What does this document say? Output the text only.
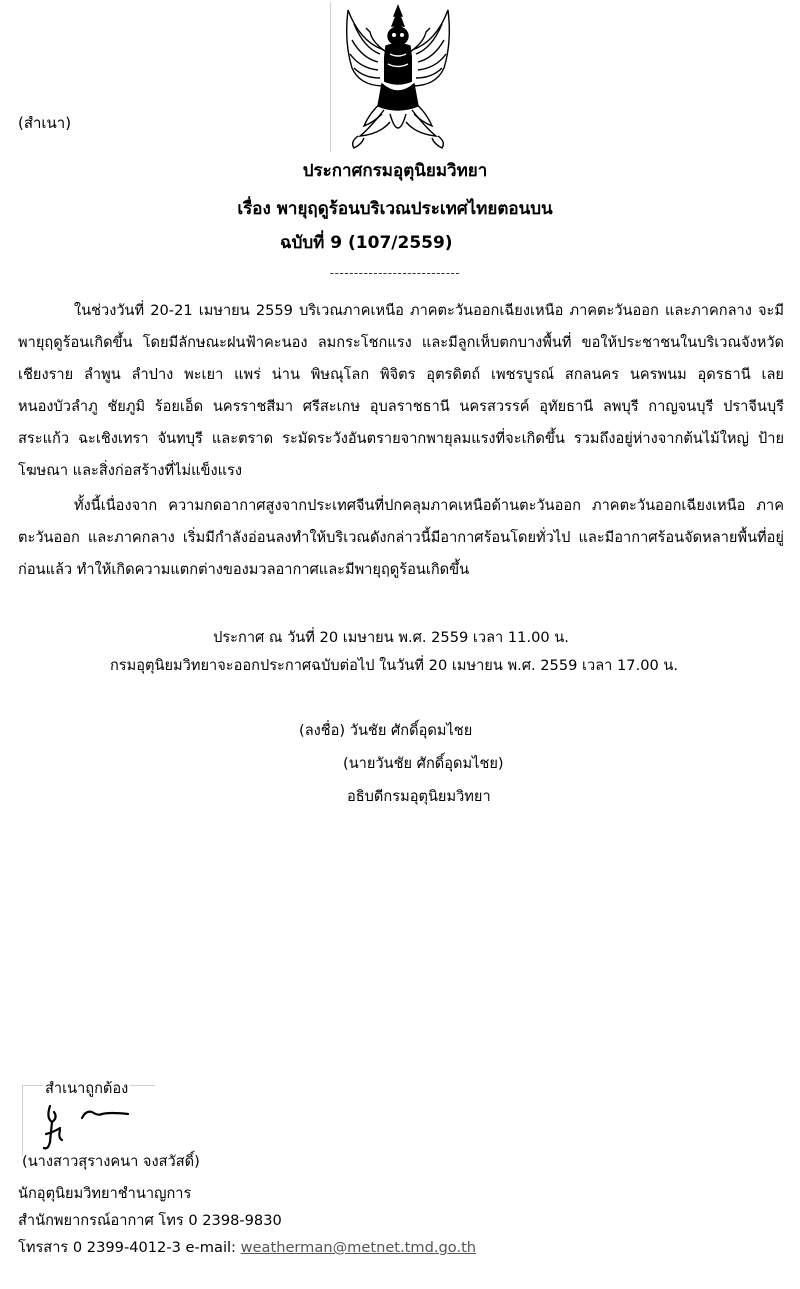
(สำเนา)
ประกาศกรมอุตุนิยมวิทยา
เรื่อง พายุฤดูร้อนบริเวณประเทศไทยตอนบน
ฉบับที่ 9 (107/2559)
---------------------------
ในช่วงวันที่ 20-21 เมษายน 2559 บริเวณภาคเหนือ ภาคตะวันออกเฉียงเหนือ ภาคตะวันออก และภาคกลาง จะมีพายุฤดูร้อนเกิดขึ้น โดยมีลักษณะฝนฟ้าคะนอง ลมกระโชกแรง และมีลูกเห็บตกบางพื้นที่ ขอให้ประชาชนในบริเวณจังหวัดเชียงราย ลำพูน ลำปาง พะเยา แพร่ น่าน พิษณุโลก พิจิตร อุตรดิตถ์ เพชรบูรณ์ สกลนคร นครพนม อุดรธานี เลย หนองบัวลำภู ชัยภูมิ ร้อยเอ็ด นครราชสีมา ศรีสะเกษ อุบลราชธานี นครสวรรค์ อุทัยธานี ลพบุรี กาญจนบุรี ปราจีนบุรี สระแก้ว ฉะเชิงเทรา จันทบุรี และตราด ระมัดระวังอันตรายจากพายุลมแรงที่จะเกิดขึ้น รวมถึงอยู่ห่างจากต้นไม้ใหญ่ ป้ายโฆษณา และสิ่งก่อสร้างที่ไม่แข็งแรง
ทั้งนี้เนื่องจาก ความกดอากาศสูงจากประเทศจีนที่ปกคลุมภาคเหนือด้านตะวันออก ภาคตะวันออกเฉียงเหนือ ภาคตะวันออก และภาคกลาง เริ่มมีกำลังอ่อนลงทำให้บริเวณดังกล่าวนี้มีอากาศร้อนโดยทั่วไป และมีอากาศร้อนจัดหลายพื้นที่อยู่ก่อนแล้ว ทำให้เกิดความแตกต่างของมวลอากาศและมีพายุฤดูร้อนเกิดขึ้น
ประกาศ ณ วันที่ 20 เมษายน พ.ศ. 2559 เวลา 11.00 น.
กรมอุตุนิยมวิทยาจะออกประกาศฉบับต่อไป ในวันที่ 20 เมษายน พ.ศ. 2559 เวลา 17.00 น.
(ลงชื่อ) วันชัย ศักดิ์อุดมไชย
(นายวันชัย ศักดิ์อุดมไชย)
อธิบดีกรมอุตุนิยมวิทยา
สำเนาถูกต้อง
(นางสาวสุรางคนา จงสวัสดิ์)
นักอุตุนิยมวิทยาชำนาญการ
สำนักพยากรณ์อากาศ โทร 0 2398-9830
โทรสาร 0 2399-4012-3 e-mail: weatherman@metnet.tmd.go.th
